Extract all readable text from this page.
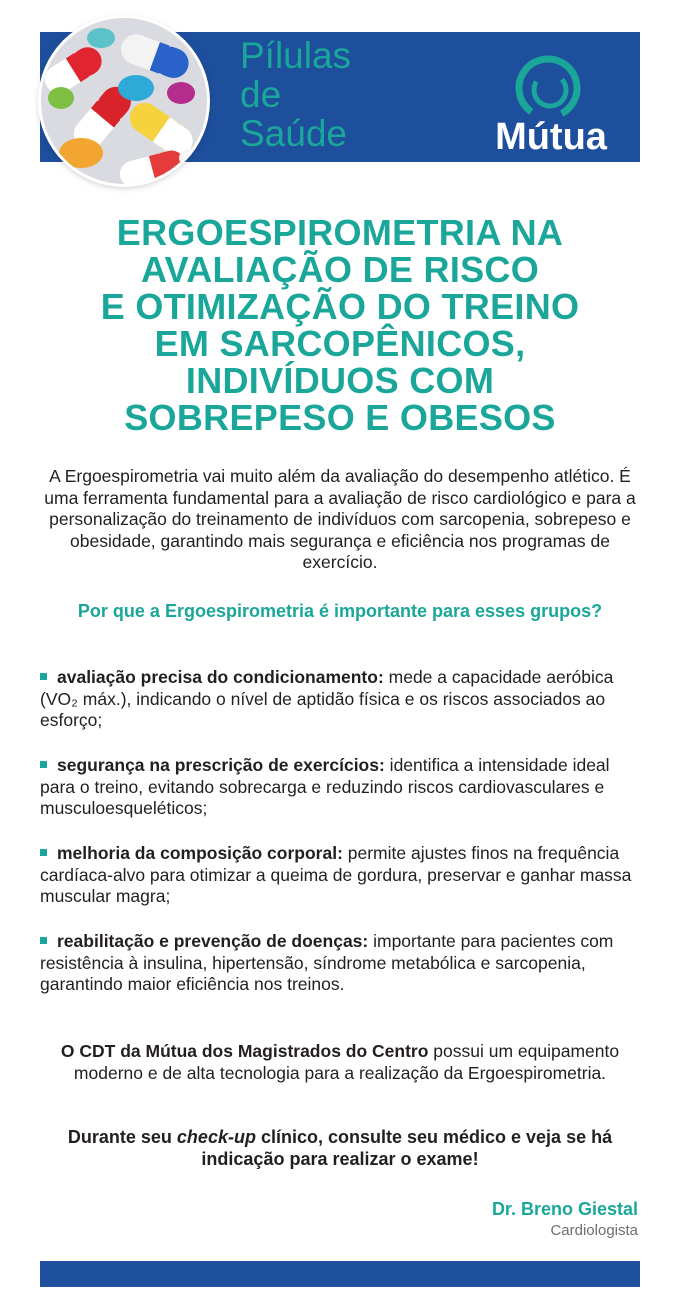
Pílulas
de
Saúde	Mútua
ERGOESPIROMETRIA NA
AVALIAÇÃO DE RISCO
E OTIMIZAÇÃO DO TREINO
EM SARCOPÊNICOS,
INDIVÍDUOS COM
SOBREPESO E OBESOS
A Ergoespirometria vai muito além da avaliação do desempenho atlético. É uma ferramenta fundamental para a avaliação de risco cardiológico e para a personalização do treinamento de indivíduos com sarcopenia, sobrepeso e obesidade, garantindo mais segurança e eficiência nos programas de exercício.
Por que a Ergoespirometria é importante para esses grupos?
avaliação precisa do condicionamento: mede a capacidade aeróbica (VO₂ máx.), indicando o nível de aptidão física e os riscos associados ao esforço;
segurança na prescrição de exercícios: identifica a intensidade ideal para o treino, evitando sobrecarga e reduzindo riscos cardiovasculares e musculoesqueléticos;
melhoria da composição corporal: permite ajustes finos na frequência cardíaca-alvo para otimizar a queima de gordura, preservar e ganhar massa muscular magra;
reabilitação e prevenção de doenças: importante para pacientes com resistência à insulina, hipertensão, síndrome metabólica e sarcopenia, garantindo maior eficiência nos treinos.
O CDT da Mútua dos Magistrados do Centro possui um equipamento moderno e de alta tecnologia para a realização da Ergoespirometria.
Durante seu check-up clínico, consulte seu médico e veja se há indicação para realizar o exame!
Dr. Breno Giestal
Cardiologista
